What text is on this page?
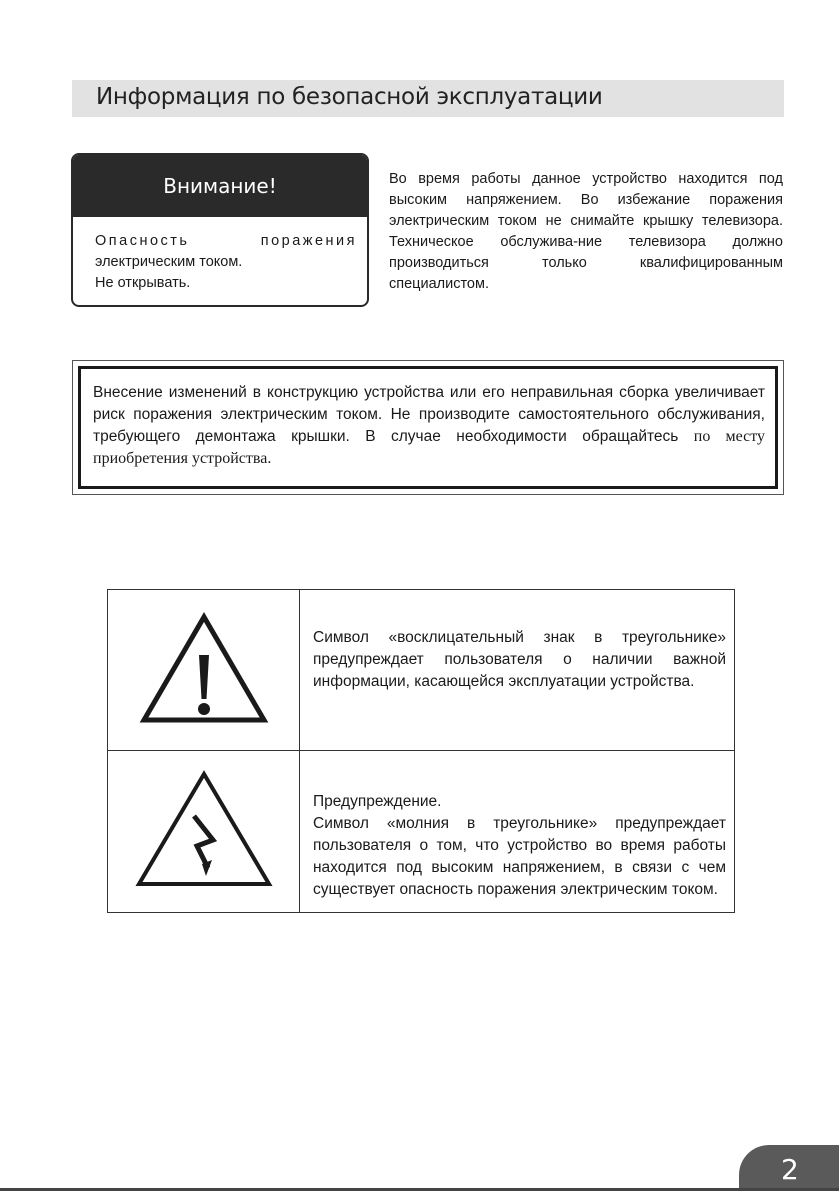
Информация по безопасной эксплуатации
Внимание!
Опасность поражения
электрическим током.
Не открывать.
Во время работы данное устройство находится под высоким напряжением. Во избежание поражения электрическим током не снимайте крышку телевизора. Техническое обслужива-ние телевизора должно производиться только квалифицированным специалистом.
Внесение изменений в конструкцию устройства или его неправильная сборка увеличивает риск поражения электрическим током. Не производите самостоятельного обслуживания, требующего демонтажа крышки. В случае необходимости обращайтесь по месту приобретения устройства.

Символ «восклицательный знак в треугольнике» предупреждает пользователя о наличии важной информации, касающейся эксплуатации устройства.

Предупреждение.
Символ «молния в треугольнике» предупреждает пользователя о том, что устройство во время работы находится под высоким напряжением, в связи с чем существует опасность поражения электрическим током.
2
